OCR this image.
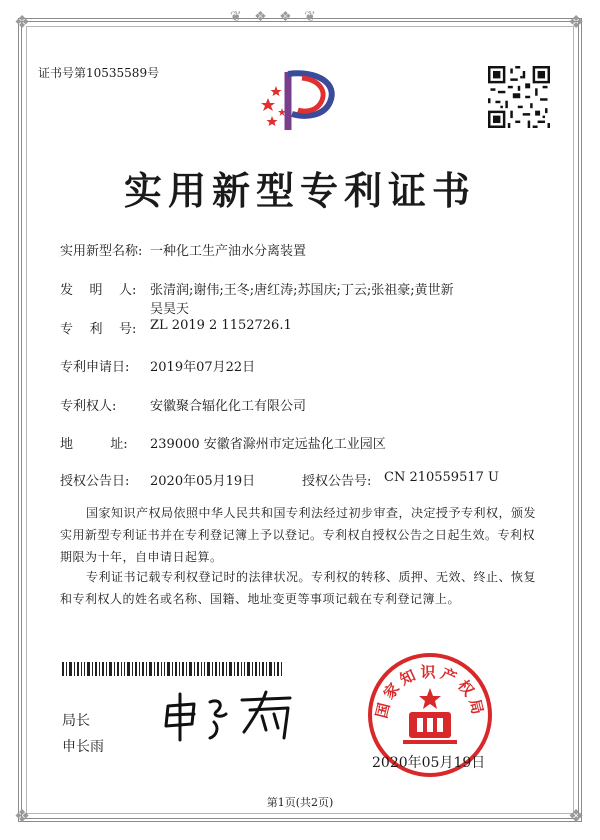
❖	❖
❖	❖
❦ ❖ ❖ ❦
证书号第10535589号
实用新型专利证书
实用新型名称: 一种化工生产油水分离装置
发    明    人: 张清润;谢伟;王冬;唐红涛;苏国庆;丁云;张祖豪;黄世新
吴昊天
专    利    号: ZL 2019 2 1152726.1
专利申请日: 2019年07月22日
专利权人:	安徽聚合辐化化工有限公司
地         址: 239000 安徽省滁州市定远盐化工业园区
授权公告日: 2020年05月19日	授权公告号: CN 210559517 U
国家知识产权局依照中华人民共和国专利法经过初步审查，决定授予专利权，颁发实用新型专利证书并在专利登记簿上予以登记。专利权自授权公告之日起生效。专利权期限为十年，自申请日起算。
专利证书记载专利权登记时的法律状况。专利权的转移、质押、无效、终止、恢复和专利权人的姓名或名称、国籍、地址变更等事项记载在专利登记簿上。
局长
申长雨
国家知识产权局
2020年05月19日
第1页(共2页)
